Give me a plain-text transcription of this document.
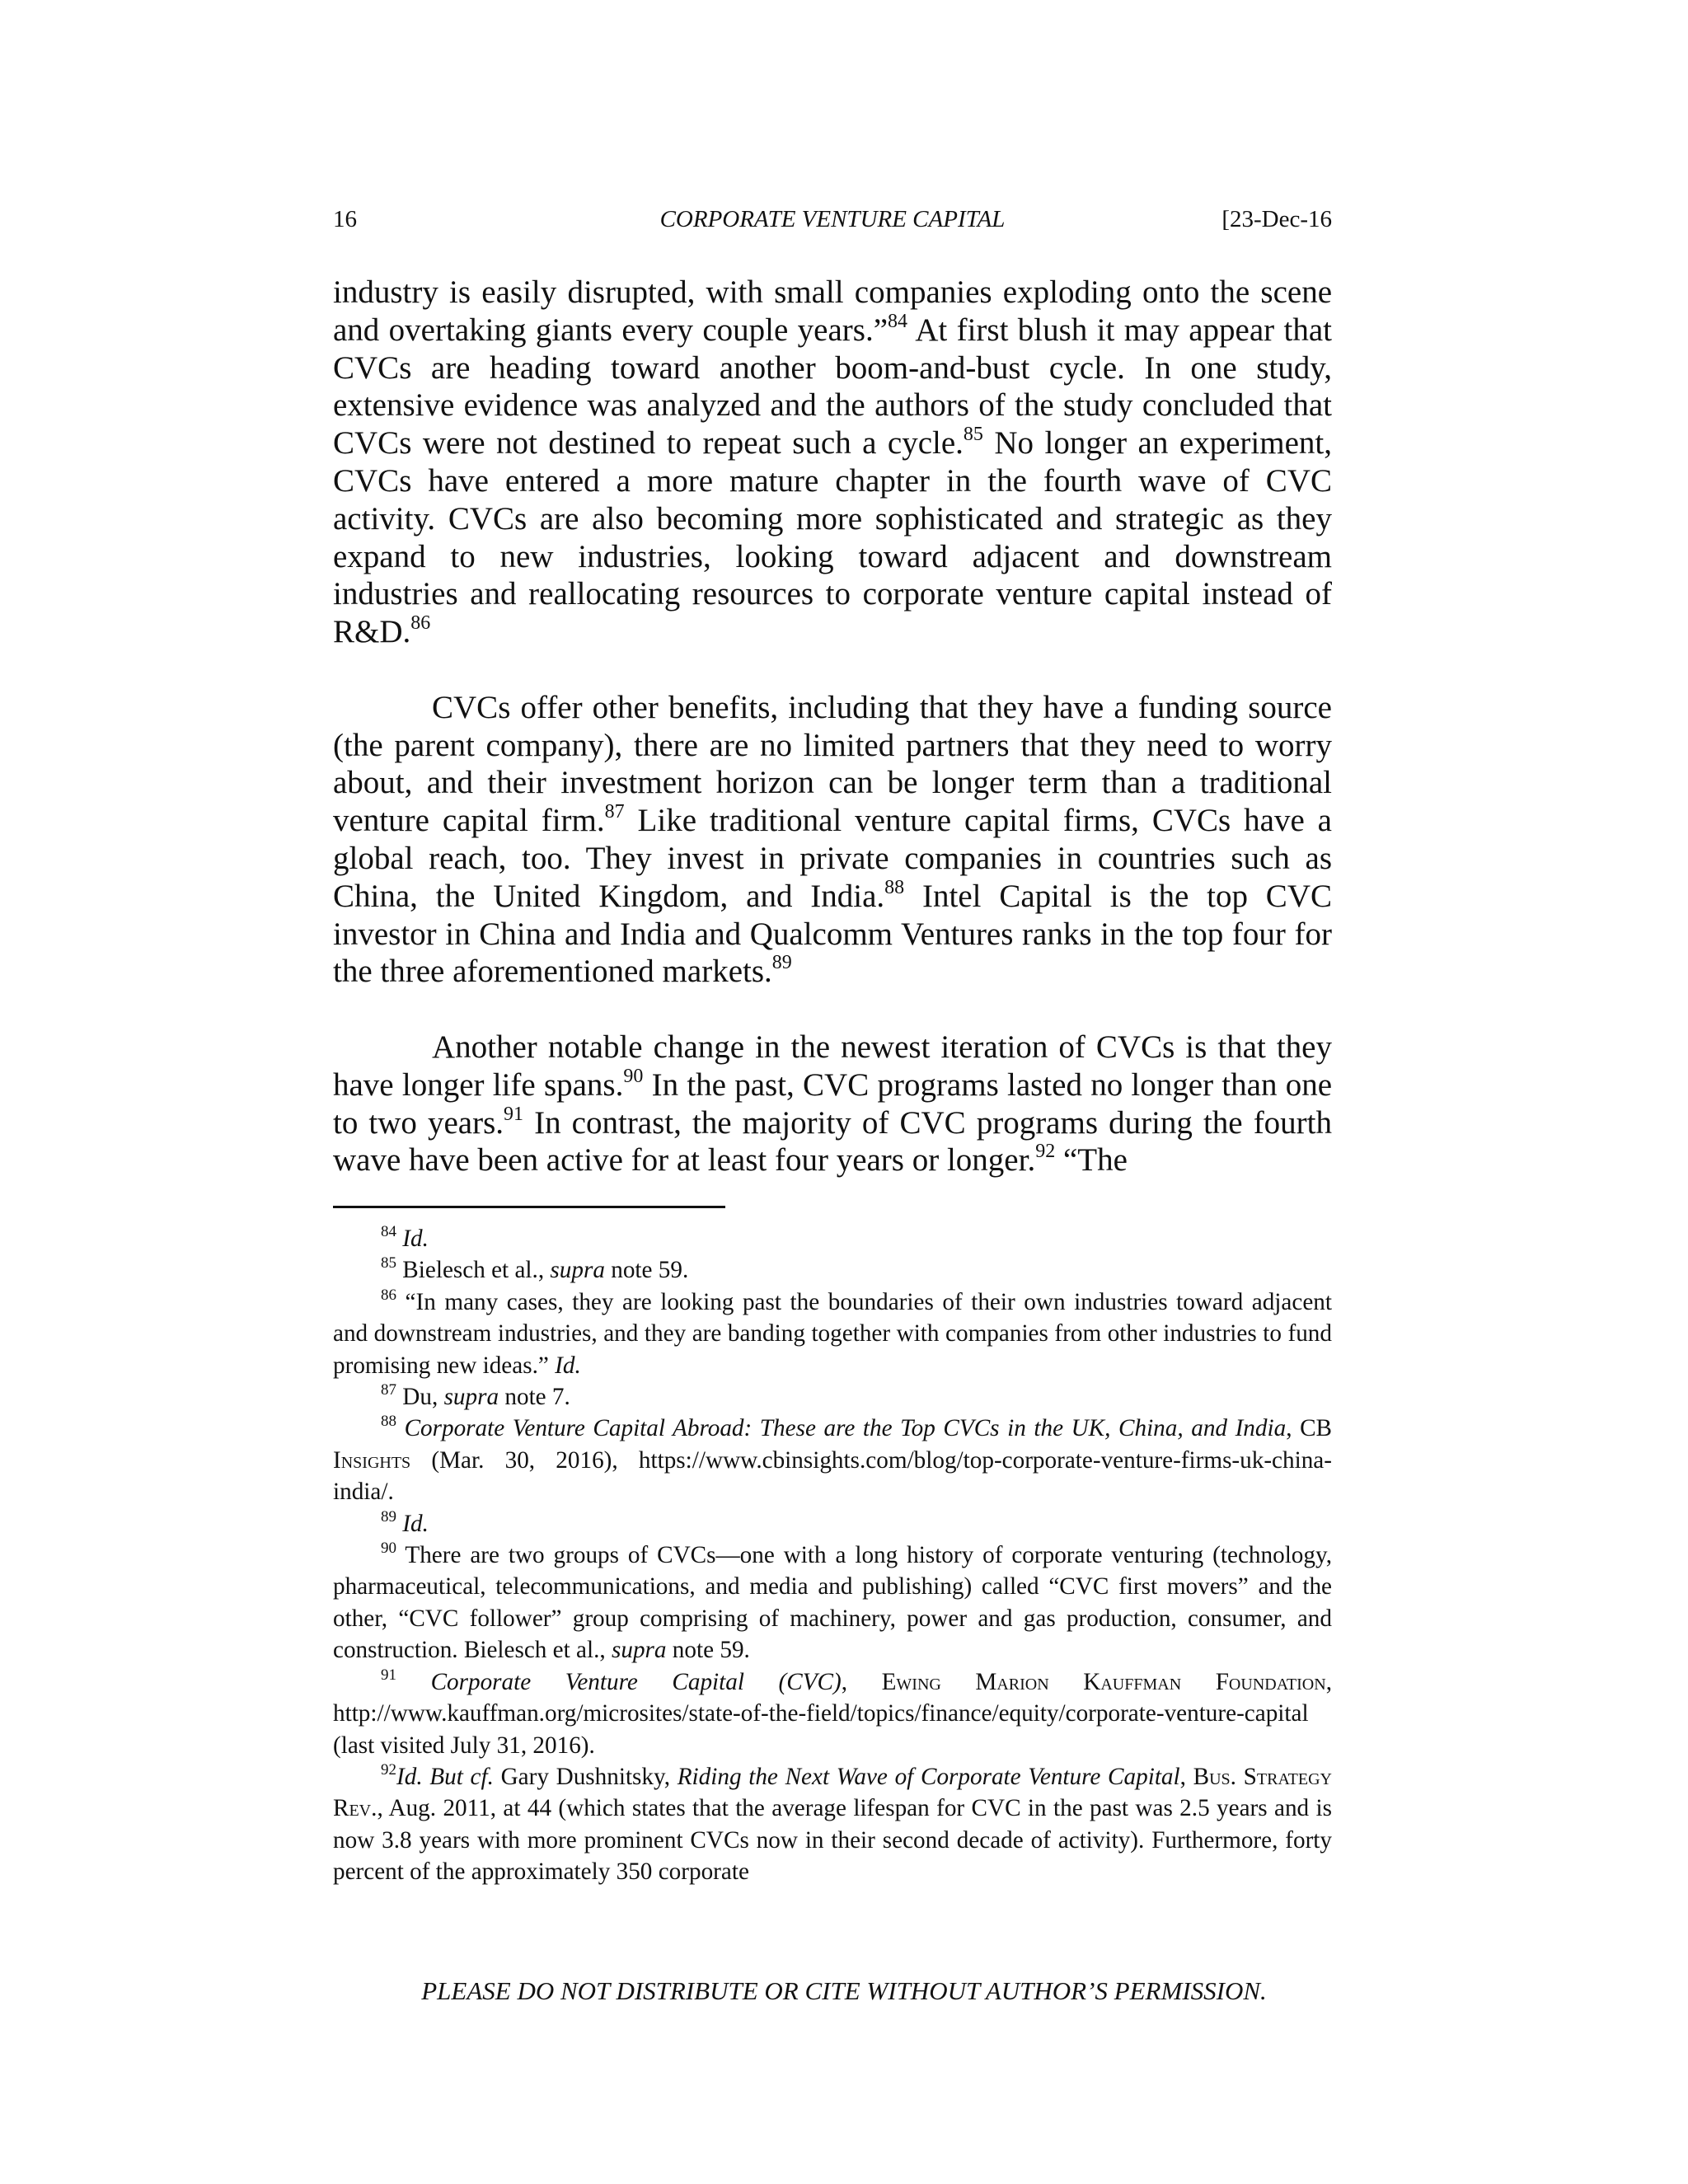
16	CORPORATE VENTURE CAPITAL	[23-Dec-16

industry is easily disrupted, with small companies exploding onto the scene and overtaking giants every couple years.”$^{84}$ At first blush it may appear that CVCs are heading toward another boom-and-bust cycle. In one study, extensive evidence was analyzed and the authors of the study concluded that CVCs were not destined to repeat such a cycle.$^{85}$ No longer an experiment, CVCs have entered a more mature chapter in the fourth wave of CVC activity. CVCs are also becoming more sophisticated and strategic as they expand to new industries, looking toward adjacent and downstream industries and reallocating resources to corporate venture capital instead of R&D.$^{86}$

CVCs offer other benefits, including that they have a funding source (the parent company), there are no limited partners that they need to worry about, and their investment horizon can be longer term than a traditional venture capital firm.$^{87}$ Like traditional venture capital firms, CVCs have a global reach, too. They invest in private companies in countries such as China, the United Kingdom, and India.$^{88}$ Intel Capital is the top CVC investor in China and India and Qualcomm Ventures ranks in the top four for the three aforementioned markets.$^{89}$

Another notable change in the newest iteration of CVCs is that they have longer life spans.$^{90}$ In the past, CVC programs lasted no longer than one to two years.$^{91}$ In contrast, the majority of CVC programs during the fourth wave have been active for at least four years or longer.$^{92}$ “The

$^{84}$ Id.

$^{85}$ Bielesch et al., supra note 59.

$^{86}$ “In many cases, they are looking past the boundaries of their own industries toward adjacent and downstream industries, and they are banding together with companies from other industries to fund promising new ideas.” Id.

$^{87}$ Du, supra note 7.

$^{88}$ Corporate Venture Capital Abroad: These are the Top CVCs in the UK, China, and India, CB Insights (Mar. 30, 2016), https://www.cbinsights.com/blog/top-corporate-venture-firms-uk-china-india/.

$^{89}$ Id.

$^{90}$ There are two groups of CVCs—one with a long history of corporate venturing (technology, pharmaceutical, telecommunications, and media and publishing) called “CVC first movers” and the other, “CVC follower” group comprising of machinery, power and gas production, consumer, and construction. Bielesch et al., supra note 59.

$^{91}$ Corporate Venture Capital (CVC), Ewing Marion Kauffman Foundation, http://www.kauffman.org/microsites/state-of-the-field/topics/finance/equity/corporate-venture-capital (last visited July 31, 2016).

$^{92}$Id. But cf. Gary Dushnitsky, Riding the Next Wave of Corporate Venture Capital, Bus. Strategy Rev., Aug. 2011, at 44 (which states that the average lifespan for CVC in the past was 2.5 years and is now 3.8 years with more prominent CVCs now in their second decade of activity). Furthermore, forty percent of the approximately 350 corporate

PLEASE DO NOT DISTRIBUTE OR CITE WITHOUT AUTHOR’S PERMISSION.
